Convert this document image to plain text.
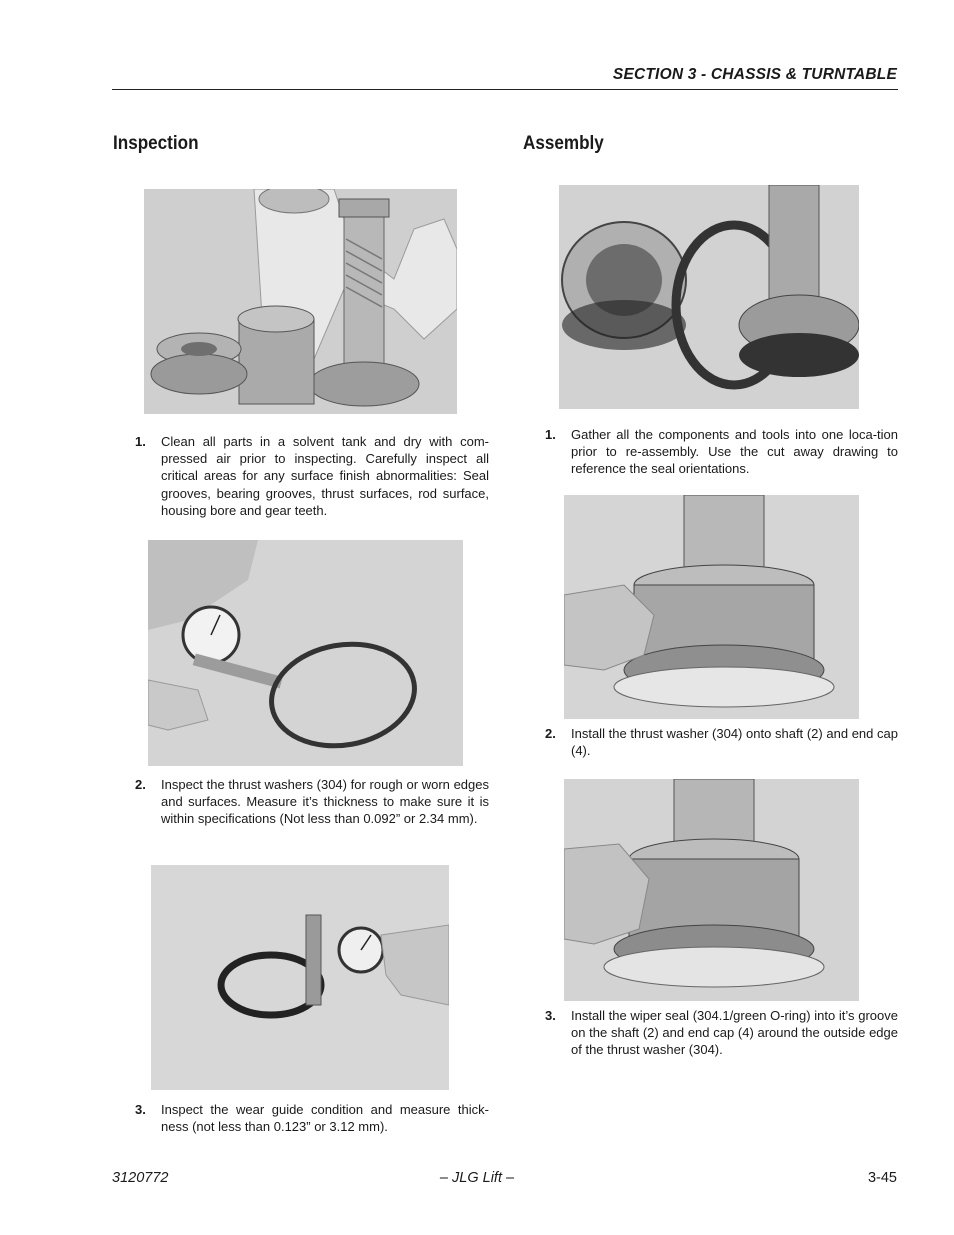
SECTION 3 - CHASSIS & TURNTABLE
Inspection
1. Clean all parts in a solvent tank and dry with com-pressed air prior to inspecting. Carefully inspect all critical areas for any surface finish abnormalities: Seal grooves, bearing grooves, thrust surfaces, rod surface, housing bore and gear teeth.
2. Inspect the thrust washers (304) for rough or worn edges and surfaces. Measure it’s thickness to make sure it is within specifications (Not less than 0.092” or 2.34 mm).
3. Inspect the wear guide condition and measure thick-ness (not less than 0.123” or 3.12 mm).
Assembly
1. Gather all the components and tools into one loca-tion prior to re-assembly. Use the cut away drawing to reference the seal orientations.
2. Install the thrust washer (304) onto shaft (2) and end cap (4).
3. Install the wiper seal (304.1/green O-ring) into it’s groove on the shaft (2) and end cap (4) around the outside edge of the thrust washer (304).
3120772	– JLG Lift –	3-45
